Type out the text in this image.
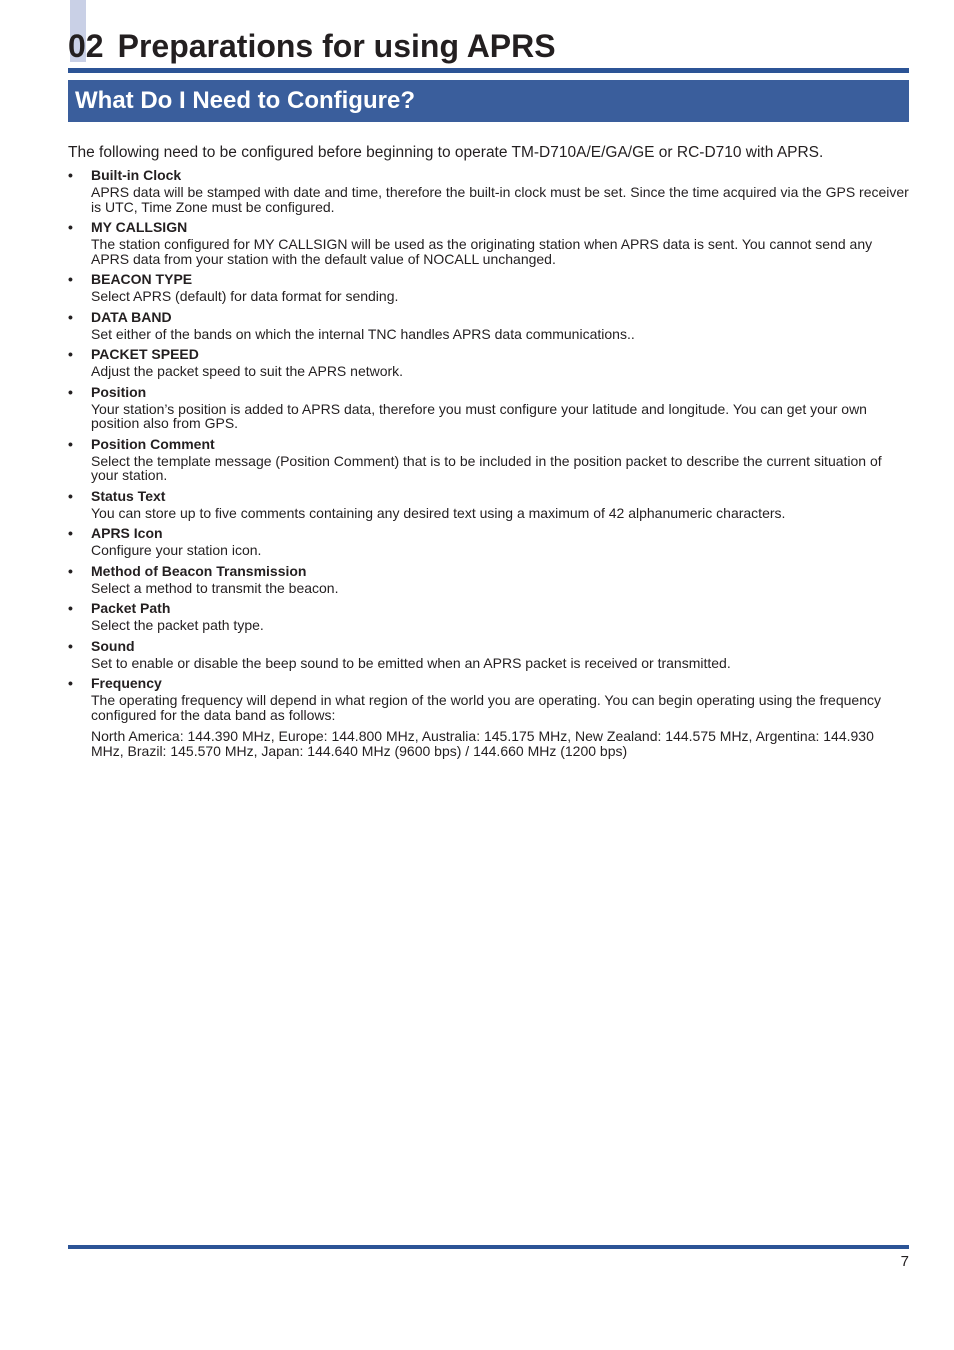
02 Preparations for using APRS
What Do I Need to Configure?

The following need to be configured before beginning to operate TM-D710A/E/GA/GE or RC-D710 with APRS.

• Built-in Clock

APRS data will be stamped with date and time, therefore the built-in clock must be set. Since the time acquired via the GPS receiver is UTC, Time Zone must be configured.

• MY CALLSIGN

The station configured for MY CALLSIGN will be used as the originating station when APRS data is sent. You cannot send any APRS data from your station with the default value of NOCALL unchanged.

• BEACON TYPE

Select APRS (default) for data format for sending.

• DATA BAND

Set either of the bands on which the internal TNC handles APRS data communications..

• PACKET SPEED

Adjust the packet speed to suit the APRS network.

• Position

Your station’s position is added to APRS data, therefore you must configure your latitude and longitude. You can get your own position also from GPS.

• Position Comment

Select the template message (Position Comment) that is to be included in the position packet to describe the current situation of your station.

• Status Text

You can store up to five comments containing any desired text using a maximum of 42 alphanumeric characters.

• APRS Icon

Configure your station icon.

• Method of Beacon Transmission

Select a method to transmit the beacon.

• Packet Path

Select the packet path type.

• Sound

Set to enable or disable the beep sound to be emitted when an APRS packet is received or transmitted.

• Frequency

The operating frequency will depend in what region of the world you are operating. You can begin operating using the frequency configured for the data band as follows:

North America: 144.390 MHz, Europe: 144.800 MHz, Australia: 145.175 MHz, New Zealand: 144.575 MHz, Argentina: 144.930 MHz, Brazil: 145.570 MHz, Japan: 144.640 MHz (9600 bps) / 144.660 MHz (1200 bps)

7
